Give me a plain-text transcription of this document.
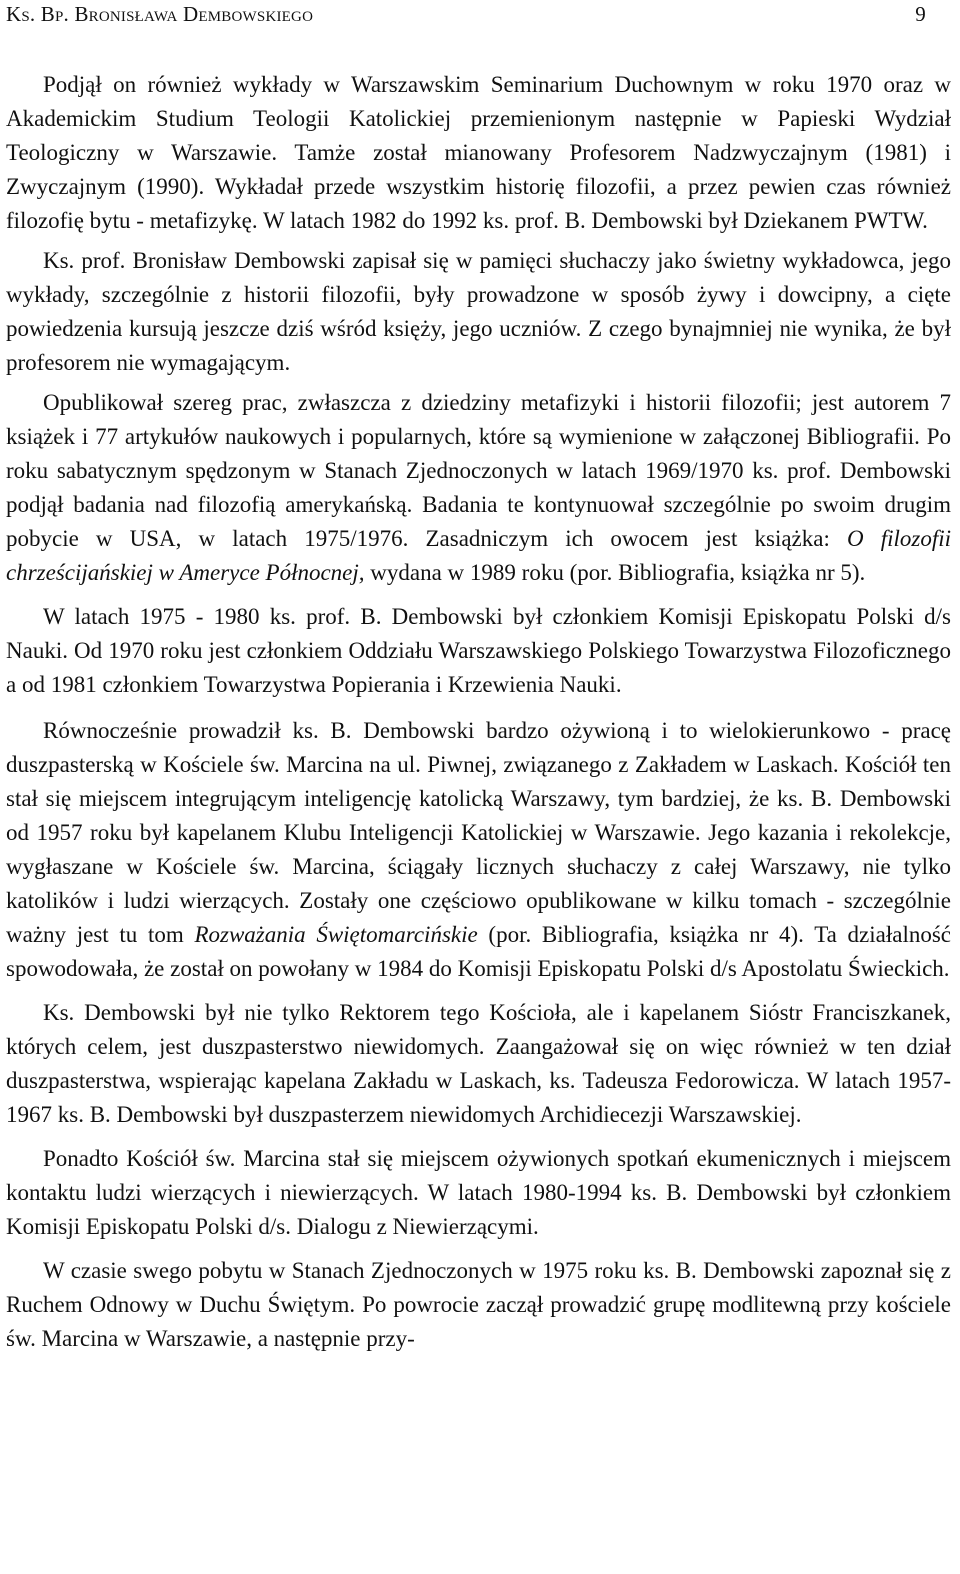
Ks. Bp. Bronisława Dembowskiego	9

Podjął on również wykłady w Warszawskim Seminarium Duchownym w roku 1970 oraz w Akademickim Studium Teologii Katolickiej przemienionym następnie w Papieski Wydział Teologiczny w Warszawie. Tamże został mianowany Profesorem Nadzwyczajnym (1981) i Zwyczajnym (1990). Wykładał przede wszystkim historię filozofii, a przez pewien czas również filozofię bytu - metafizykę. W latach 1982 do 1992 ks. prof. B. Dembowski był Dziekanem PWTW.

Ks. prof. Bronisław Dembowski zapisał się w pamięci słuchaczy jako świetny wykładowca, jego wykłady, szczególnie z historii filozofii, były prowadzone w sposób żywy i dowcipny, a cięte powiedzenia kursują jeszcze dziś wśród księży, jego uczniów. Z czego bynajmniej nie wynika, że był profesorem nie wymagającym.

Opublikował szereg prac, zwłaszcza z dziedziny metafizyki i historii filozofii; jest autorem 7 książek i 77 artykułów naukowych i popularnych, które są wymienione w załączonej Bibliografii. Po roku sabatycznym spędzonym w Stanach Zjednoczonych w latach 1969/1970 ks. prof. Dembowski podjął badania nad filozofią amerykańską. Badania te kontynuował szczególnie po swoim drugim pobycie w USA, w latach 1975/1976. Zasadniczym ich owocem jest książka: O filozofii chrześcijańskiej w Ameryce Północnej, wydana w 1989 roku (por. Bibliografia, książka nr 5).

W latach 1975 - 1980 ks. prof. B. Dembowski był członkiem Komisji Episkopatu Polski d/s Nauki. Od 1970 roku jest członkiem Oddziału Warszawskiego Polskiego Towarzystwa Filozoficznego a od 1981 członkiem Towarzystwa Popierania i Krzewienia Nauki.

Równocześnie prowadził ks. B. Dembowski bardzo ożywioną i to wielokierunkowo - pracę duszpasterską w Kościele św. Marcina na ul. Piwnej, związanego z Zakładem w Laskach. Kościół ten stał się miejscem integrującym inteligencję katolicką Warszawy, tym bardziej, że ks. B. Dembowski od 1957 roku był kapelanem Klubu Inteligencji Katolickiej w Warszawie. Jego kazania i rekolekcje, wygłaszane w Kościele św. Marcina, ściągały licznych słuchaczy z całej Warszawy, nie tylko katolików i ludzi wierzących. Zostały one częściowo opublikowane w kilku tomach - szczególnie ważny jest tu tom Rozważania Świętomarcińskie (por. Bibliografia, książka nr 4). Ta działalność spowodowała, że został on powołany w 1984 do Komisji Episkopatu Polski d/s Apostolatu Świeckich.

Ks. Dembowski był nie tylko Rektorem tego Kościoła, ale i kapelanem Sióstr Franciszkanek, których celem, jest duszpasterstwo niewidomych. Zaangażował się on więc również w ten dział duszpasterstwa, wspierając kapelana Zakładu w Laskach, ks. Tadeusza Fedorowicza. W latach 1957-1967 ks. B. Dembowski był duszpasterzem niewidomych Archidiecezji Warszawskiej.

Ponadto Kościół św. Marcina stał się miejscem ożywionych spotkań ekumenicznych i miejscem kontaktu ludzi wierzących i niewierzących. W latach 1980-1994 ks. B. Dembowski był członkiem Komisji Episkopatu Polski d/s. Dialogu z Niewierzącymi.

W czasie swego pobytu w Stanach Zjednoczonych w 1975 roku ks. B. Dembowski zapoznał się z Ruchem Odnowy w Duchu Świętym. Po powrocie zaczął prowadzić grupę modlitewną przy kościele św. Marcina w Warszawie, a następnie przy-
